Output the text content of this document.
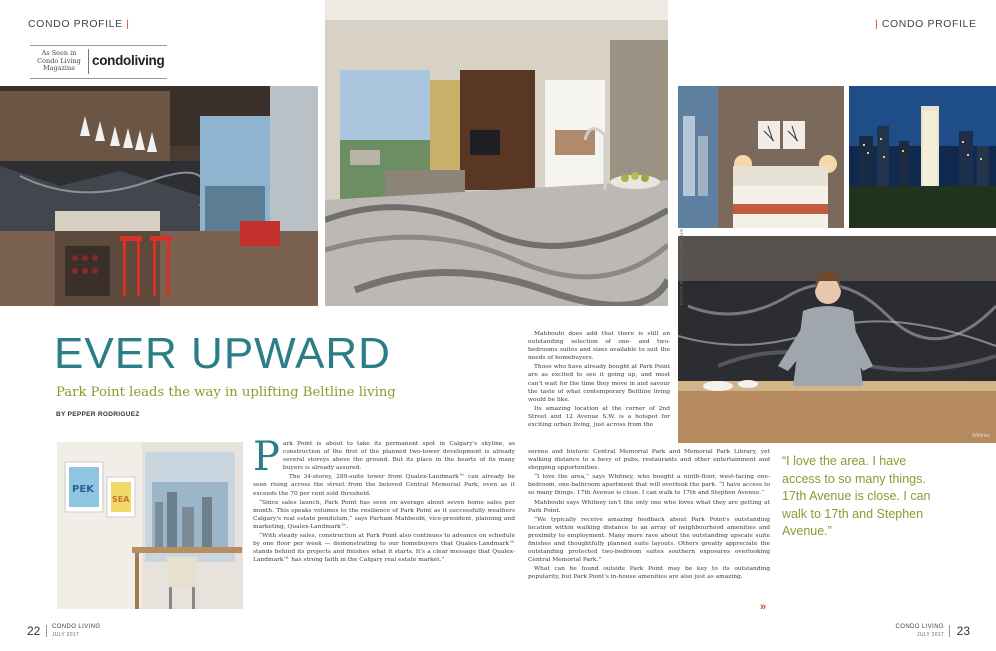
CONDO PROFILE |	| CONDO PROFILE
As Seen in
Condo Living
Magazine	condoliving
Whitney
PHOTO BY DON MOLYNEAUX
PEK
SEA
EVER UPWARD
Park Point leads the way in uplifting Beltline living
BY PEPPER RODRIGUEZ
P ark Point is about to take its permanent spot in Calgary's skyline, as construction of the first of the planned two-tower development is already several storeys above the ground. But its place in the hearts of its many buyers is already assured.

The 34-storey, 289-suite tower from Qualex-Landmark™ can already be seen rising across the street from the beloved Central Memorial Park, even as it exceeds the 70 per cent sold threshold.

“Since sales launch, Park Point has seen on average about seven home sales per month. This speaks volumes to the resilience of Park Point as it successfully weathers Calgary's real estate pendulum,” says Parham Mahboubi, vice-president, planning and marketing, Qualex-Landmark™.

“With steady sales, construction at Park Point also continues to advance on schedule by one floor per week — demonstrating to our homebuyers that Qualex-Landmark™ stands behind its projects and finishes what it starts. It's a clear message that Qualex-Landmark™ has strong faith in the Calgary real estate market.”

Mahboubi does add that there is still an outstanding selection of one- and two-bedrooms suites and sizes available to suit the needs of homebuyers.

Those who have already bought at Park Point are as excited to see it going up, and most can't wait for the time they move in and savour the taste of what contemporary Beltline living would be like.

Its amazing location at the corner of 2nd Street and 12 Avenue S.W. is a hotspot for exciting urban living, just across from the

serene and historic Central Memorial Park and Memorial Park Library, yet walking distance to a bevy of pubs, restaurants and other entertainment and shopping opportunities.

“I love the area,” says Whitney, who bought a ninth-floor, west-facing one-bedroom, one-bathroom apartment that will overlook the park. “I have access to so many things. 17th Avenue is close. I can walk to 17th and Stephen Avenue.”

Mahboubi says Whitney isn't the only one who loves what they are getting at Park Point.

“We typically receive amazing feedback about Park Point's outstanding location within walking distance to an array of neighbourhood amenities and proximity to employment. Many more rave about the outstanding upscale suite finishes and thoughtfully planned suite layouts. Others greatly appreciate the outstanding protected two-bedroom suites southern exposures overlooking Central Memorial Park.”

What can be found outside Park Point may be key to its outstanding popularity, but Park Point's in-house amenities are also just as amazing.

»
“I love the area. I have access to so many things. 17th Avenue is close. I can walk to 17th and Stephen Avenue.”
22 CONDO LIVING
JULY 2017
CONDO LIVING
JULY 2017 23
